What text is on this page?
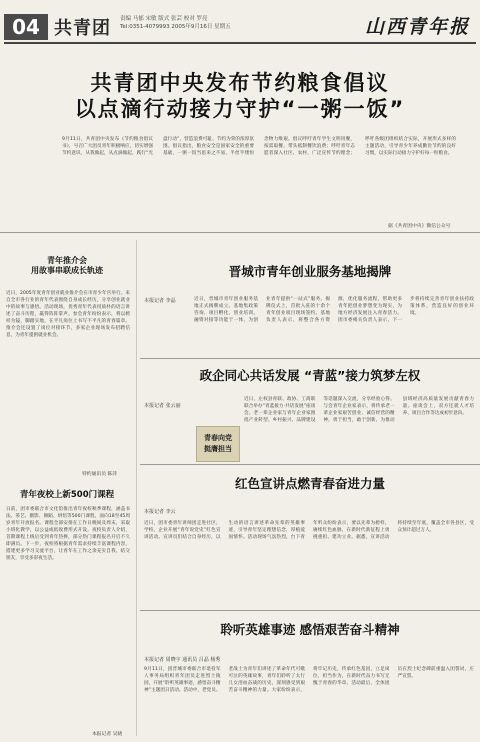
04 共青团 责编 马郁 宋敏 版式 张芸 校对 罗亮
Tel:0351-4079993 2005年9月16日 星期五	山西青年报
共青团中央发布节约粮食倡议
以点滴行动接力守护“一粥一饭”
9月11日，共青团中央发布《节约粮食倡议书》，号召广大团员青年积极响应，切实增强节约意识，从我做起，从点滴做起，践行“光盘行动”，营造浪费可耻、节约为荣的浓厚氛围。倡议指出，粮食安全是国家安全的重要基础，一粥一饭当思来之不易，半丝半缕恒念物力维艰。倡议呼吁青年学生文明用餐，按需取餐，带头抵制餐饮浪费；呼吁青年志愿者深入社区、农村，广泛宣传节约理念；呼吁各级团组织结合实际，开展形式多样的主题活动，引导青少年养成勤俭节约的良好习惯，以实际行动接力守护好每一粒粮食。
据《共青团中央》微信公众号
青年推介会
用故事串联成长轨迹
近日，2005年度青年创业就业推介会在市青少年宫举行。来自全市各行业的青年代表围绕自身成长经历，分享创业就业中的故事与感悟。活动现场，优秀青年代表用质朴的语言讲述了奋斗历程，赢得阵阵掌声。参会青年纷纷表示，将以榜样为镜，脚踏实地，在平凡岗位上书写不平凡的青春篇章。推介会还设置了岗位对接环节，多家企业现场发布招聘信息，为青年提供就业机会。
特约通讯员 陈萍
青年夜校上新500门课程
日前，团市委联合市文化馆推出青年夜校秋季课程，涵盖书法、茶艺、摄影、舞蹈、烘焙等500门课程，面向18至45周岁青年开放报名。课程全部安排在工作日晚间及周末，采取小班化教学，以公益或低收费形式开设。夜校负责人介绍，首期课程上线后受到青年热捧，部分热门课程报名开启不久即满员。下一步，夜校将根据青年需求持续丰富课程内容，搭建更多学习交流平台，让青年在工作之余充实自我、结交朋友，享受多彩夜生活。
本报记者 吴晓
晋城市青年创业服务基地揭牌
本报记者 李晶	近日，晋城市青年创业服务基地正式揭牌成立。基地集政策咨询、项目孵化、创业培训、融资对接等功能于一体，为创业青年提供“一站式”服务。揭牌仪式上，首批入驻的十余个青年创业项目现场签约。基地负责人表示，将整合各方资源，优化服务流程，帮助更多青年把创业梦想变为现实，为地方经济发展注入青春活力。团市委相关负责人表示，下一步将持续完善青年创业扶持政策体系，营造良好的创业环境。
政企同心共话发展 “青蓝”接力筑梦左权
本报记者 张云丽
近日，左权县青联、政协、工商联联合举办“青蓝接力·共话发展”座谈会。老一辈企业家与青年企业家围绕产业转型、乡村振兴、品牌建设等话题深入交流，分享经验心得。与会青年企业家表示，将传承老一辈企业家艰苦创业、诚信经营的精神，勇于担当，敢于创新，为推动县域经济高质量发展贡献青春力量。座谈会上，双方还就人才培养、项目合作等达成初步意向。
青春向党
挺膺担当
红色宣讲点燃青春奋进力量
本报记者 李云
近日，团市委青年讲师团走进社区、学校、企业开展“青年说党史”红色宣讲活动。宣讲员们结合自身经历，以生动的语言讲述革命先辈的英雄事迹，引导青年坚定理想信念，厚植爱国情怀。活动现场气氛热烈，台下青年听众纷纷表示，要以先辈为榜样，赓续红色血脉，在新时代新征程上勇挑重担、建功立业。据悉，宣讲活动将持续至年底，覆盖全市各县区，受众预计超过万人。
聆听英雄事迹 感悟艰苦奋斗精神
本报记者 周晓宇 通讯员 吕晶 杨秀
9月11日，团晋城市委联合市退役军人事务局组织青年团员走进烈士陵园，开展“聆听英雄事迹，感悟奋斗精神”主题团日活动。活动中，老党员、老战士为青年们讲述了革命年代可歌可泣的英雄故事，青年们聆听了太行儿女浴血奋战的历史，深刻感受到艰苦奋斗精神的力量。大家纷纷表示，将牢记历史，传承红色基因，立足岗位，担当作为，在新时代奋力书写无愧于青春的华章。活动最后，全体团员在烈士纪念碑前重温入团誓词，庄严宣誓。
